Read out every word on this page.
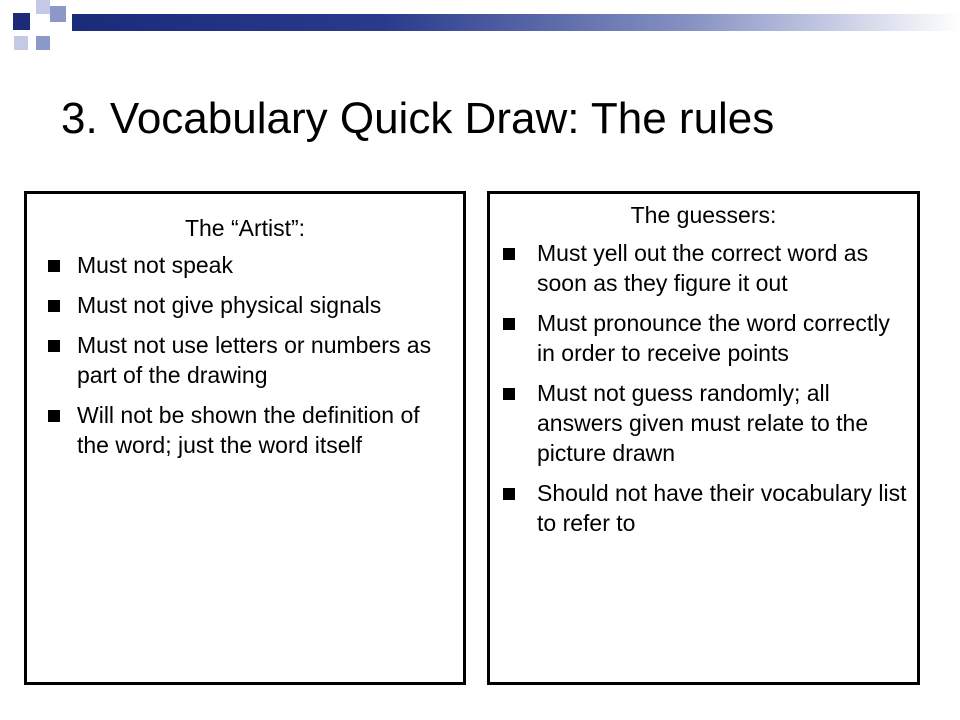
3. Vocabulary Quick Draw: The rules

The “Artist”:

Must not speak
Must not give physical signals
Must not use letters or numbers as part of the drawing
Will not be shown the definition of the word; just the word itself

The guessers:

Must yell out the correct word as soon as they figure it out
Must pronounce the word correctly in order to receive points
Must not guess randomly; all answers given must relate to the picture drawn
Should not have their vocabulary list to refer to
